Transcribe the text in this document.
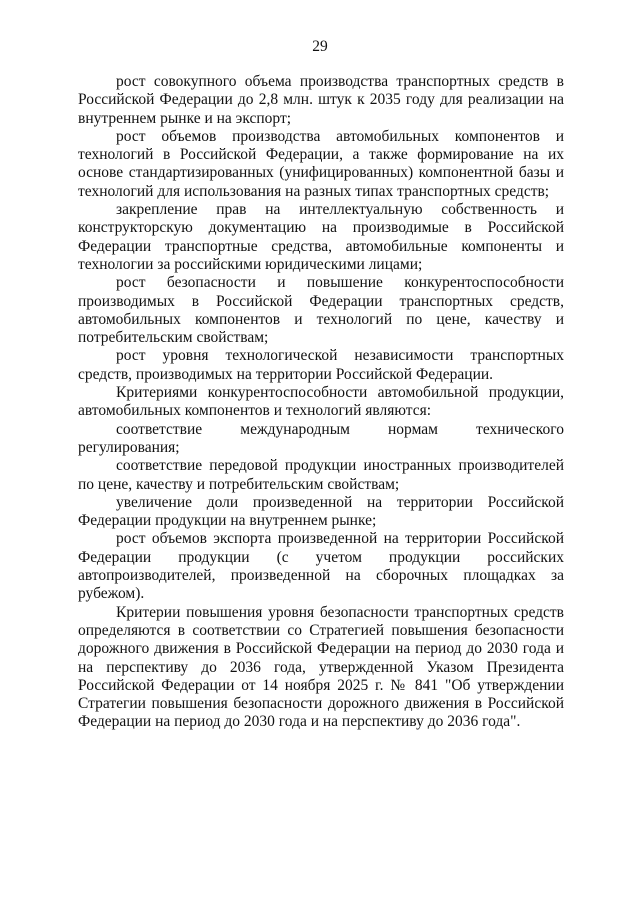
29

рост совокупного объема производства транспортных средств в Российской Федерации до 2,8 млн. штук к 2035 году для реализации на внутреннем рынке и на экспорт;

рост объемов производства автомобильных компонентов и технологий в Российской Федерации, а также формирование на их основе стандартизированных (унифицированных) компонентной базы и технологий для использования на разных типах транспортных средств;

закрепление прав на интеллектуальную собственность и конструкторскую документацию на производимые в Российской Федерации транспортные средства, автомобильные компоненты и технологии за российскими юридическими лицами;

рост безопасности и повышение конкурентоспособности производимых в Российской Федерации транспортных средств, автомобильных компонентов и технологий по цене, качеству и потребительским свойствам;

рост уровня технологической независимости транспортных средств, производимых на территории Российской Федерации.

Критериями конкурентоспособности автомобильной продукции, автомобильных компонентов и технологий являются:

соответствие международным нормам технического регулирования;

соответствие передовой продукции иностранных производителей по цене, качеству и потребительским свойствам;

увеличение доли произведенной на территории Российской Федерации продукции на внутреннем рынке;

рост объемов экспорта произведенной на территории Российской Федерации продукции (с учетом продукции российских автопроизводителей, произведенной на сборочных площадках за рубежом).

Критерии повышения уровня безопасности транспортных средств определяются в соответствии со Стратегией повышения безопасности дорожного движения в Российской Федерации на период до 2030 года и на перспективу до 2036 года, утвержденной Указом Президента Российской Федерации от 14 ноября 2025 г. № 841 "Об утверждении Стратегии повышения безопасности дорожного движения в Российской Федерации на период до 2030 года и на перспективу до 2036 года".
